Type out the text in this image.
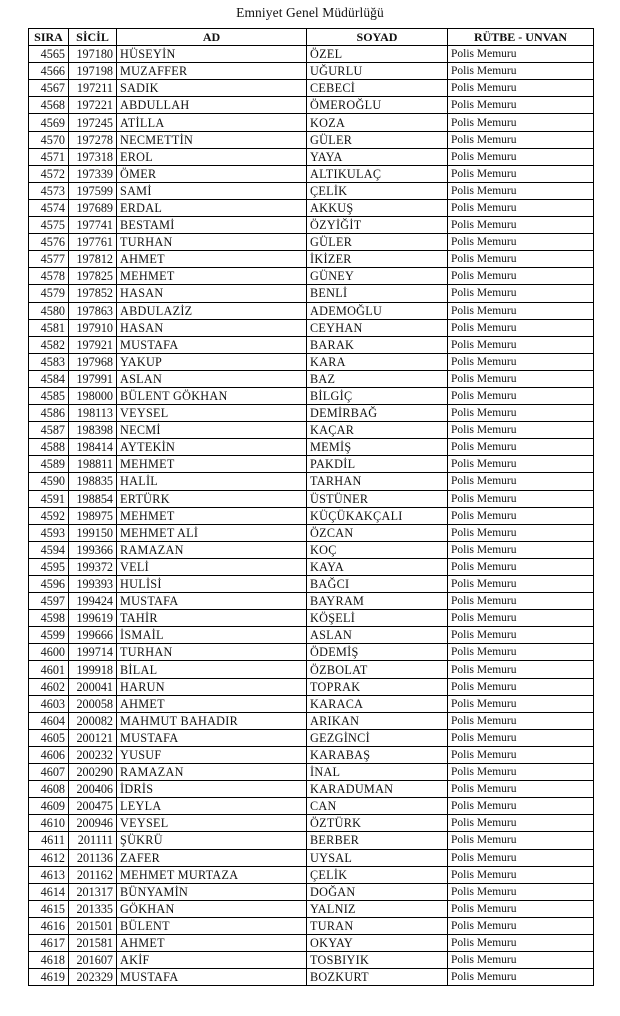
Emniyet Genel Müdürlüğü
SIRA	SİCİL	AD	SOYAD	RÜTBE - UNVAN
4565	197180	HÜSEYİN	ÖZEL	Polis Memuru
4566	197198	MUZAFFER	UĞURLU	Polis Memuru
4567	197211	SADIK	CEBECİ	Polis Memuru
4568	197221	ABDULLAH	ÖMEROĞLU	Polis Memuru
4569	197245	ATİLLA	KOZA	Polis Memuru
4570	197278	NECMETTİN	GÜLER	Polis Memuru
4571	197318	EROL	YAYA	Polis Memuru
4572	197339	ÖMER	ALTIKULAÇ	Polis Memuru
4573	197599	SAMİ	ÇELİK	Polis Memuru
4574	197689	ERDAL	AKKUŞ	Polis Memuru
4575	197741	BESTAMİ	ÖZYİĞİT	Polis Memuru
4576	197761	TURHAN	GÜLER	Polis Memuru
4577	197812	AHMET	İKİZER	Polis Memuru
4578	197825	MEHMET	GÜNEY	Polis Memuru
4579	197852	HASAN	BENLİ	Polis Memuru
4580	197863	ABDULAZİZ	ADEMOĞLU	Polis Memuru
4581	197910	HASAN	CEYHAN	Polis Memuru
4582	197921	MUSTAFA	BARAK	Polis Memuru
4583	197968	YAKUP	KARA	Polis Memuru
4584	197991	ASLAN	BAZ	Polis Memuru
4585	198000	BÜLENT GÖKHAN	BİLGİÇ	Polis Memuru
4586	198113	VEYSEL	DEMİRBAĞ	Polis Memuru
4587	198398	NECMİ	KAÇAR	Polis Memuru
4588	198414	AYTEKİN	MEMİŞ	Polis Memuru
4589	198811	MEHMET	PAKDİL	Polis Memuru
4590	198835	HALİL	TARHAN	Polis Memuru
4591	198854	ERTÜRK	ÜSTÜNER	Polis Memuru
4592	198975	MEHMET	KÜÇÜKAKÇALI	Polis Memuru
4593	199150	MEHMET ALİ	ÖZCAN	Polis Memuru
4594	199366	RAMAZAN	KOÇ	Polis Memuru
4595	199372	VELİ	KAYA	Polis Memuru
4596	199393	HULİSİ	BAĞCI	Polis Memuru
4597	199424	MUSTAFA	BAYRAM	Polis Memuru
4598	199619	TAHİR	KÖŞELİ	Polis Memuru
4599	199666	İSMAİL	ASLAN	Polis Memuru
4600	199714	TURHAN	ÖDEMİŞ	Polis Memuru
4601	199918	BİLAL	ÖZBOLAT	Polis Memuru
4602	200041	HARUN	TOPRAK	Polis Memuru
4603	200058	AHMET	KARACA	Polis Memuru
4604	200082	MAHMUT BAHADIR	ARIKAN	Polis Memuru
4605	200121	MUSTAFA	GEZGİNCİ	Polis Memuru
4606	200232	YUSUF	KARABAŞ	Polis Memuru
4607	200290	RAMAZAN	İNAL	Polis Memuru
4608	200406	İDRİS	KARADUMAN	Polis Memuru
4609	200475	LEYLA	CAN	Polis Memuru
4610	200946	VEYSEL	ÖZTÜRK	Polis Memuru
4611	201111	ŞÜKRÜ	BERBER	Polis Memuru
4612	201136	ZAFER	UYSAL	Polis Memuru
4613	201162	MEHMET MURTAZA	ÇELİK	Polis Memuru
4614	201317	BÜNYAMİN	DOĞAN	Polis Memuru
4615	201335	GÖKHAN	YALNIZ	Polis Memuru
4616	201501	BÜLENT	TURAN	Polis Memuru
4617	201581	AHMET	OKYAY	Polis Memuru
4618	201607	AKİF	TOSBIYIK	Polis Memuru
4619	202329	MUSTAFA	BOZKURT	Polis Memuru
